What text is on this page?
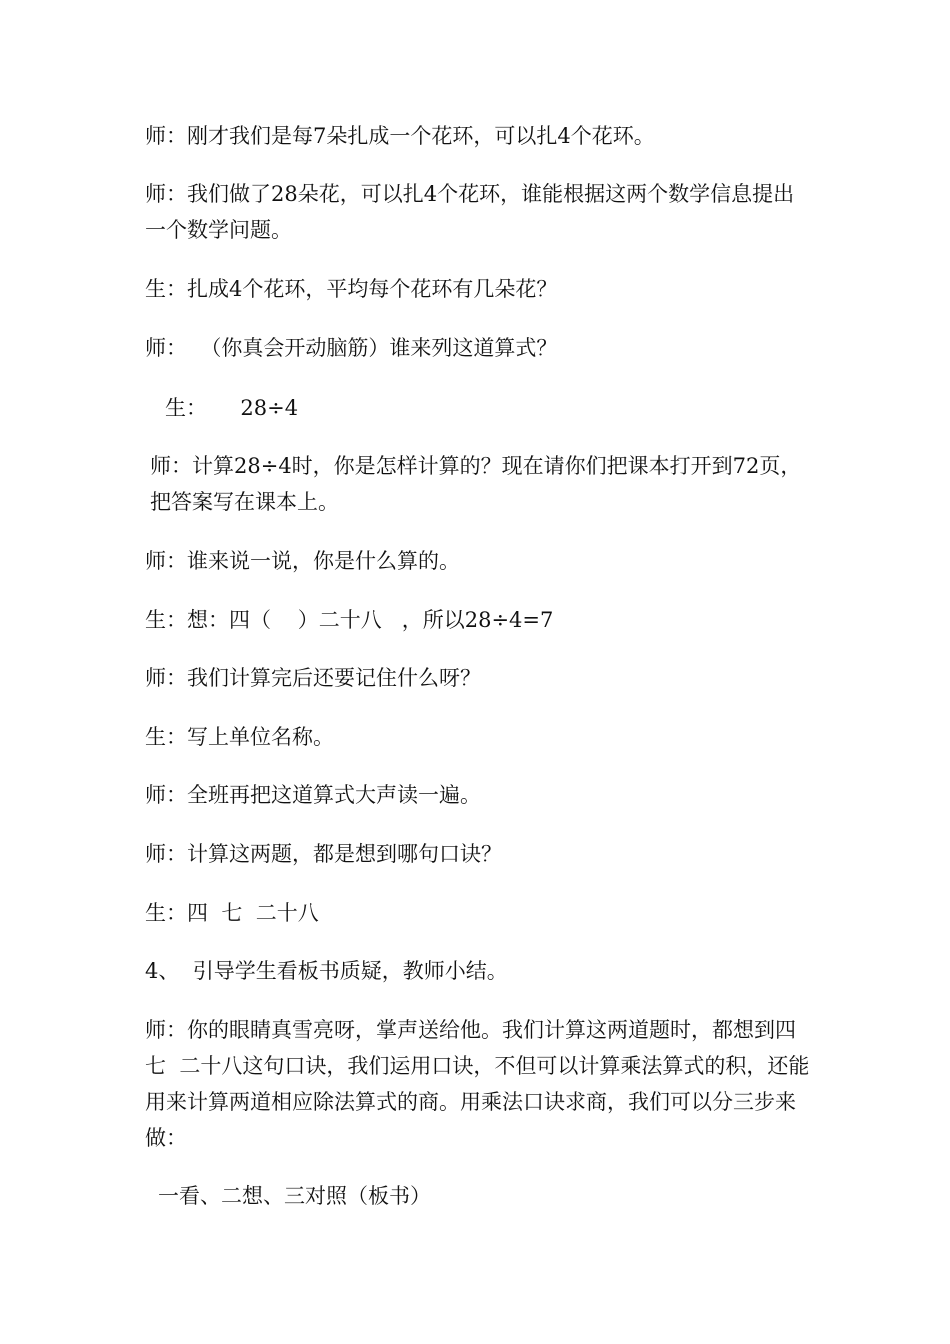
师：刚才我们是每7朵扎成一个花环，可以扎4个花环。

师：我们做了28朵花，可以扎4个花环，谁能根据这两个数学信息提出一个数学问题。

生：扎成4个花环，平均每个花环有几朵花？

师：  （你真会开动脑筋）谁来列这道算式？

生：     28÷4

师：计算28÷4时，你是怎样计算的？现在请你们把课本打开到72页，把答案写在课本上。

师：谁来说一说，你是什么算的。

生：想：四（    ）二十八   ，所以28÷4=7

师：我们计算完后还要记住什么呀？

生：写上单位名称。

师：全班再把这道算式大声读一遍。

师：计算这两题，都是想到哪句口诀？

生：四  七  二十八

4、  引导学生看板书质疑，教师小结。

师：你的眼睛真雪亮呀，掌声送给他。我们计算这两道题时，都想到四七  二十八这句口诀，我们运用口诀，不但可以计算乘法算式的积，还能用来计算两道相应除法算式的商。用乘法口诀求商，我们可以分三步来做：

一看、二想、三对照（板书）
